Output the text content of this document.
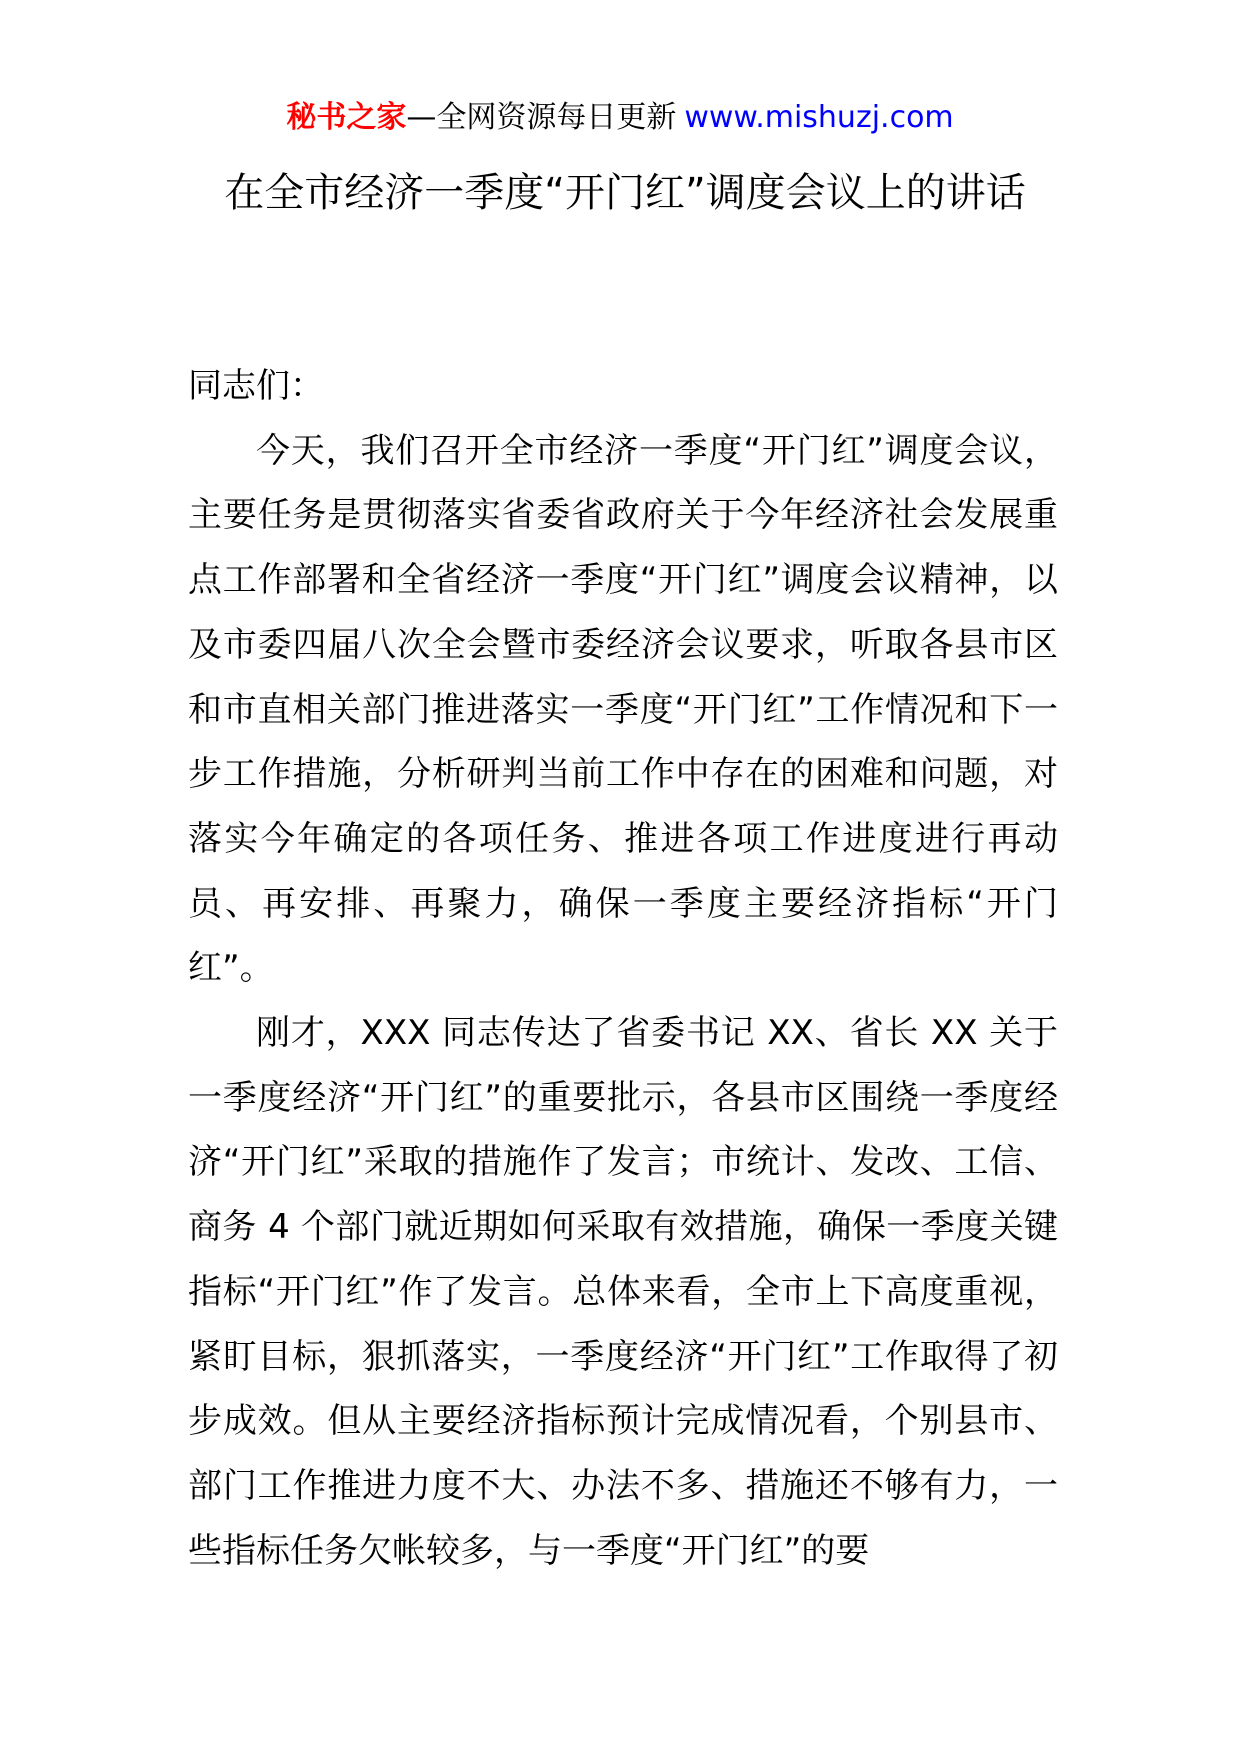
秘书之家—全网资源每日更新 www.mishuzj.com
在全市经济一季度“开门红”调度会议上的讲话

同志们：

今天，我们召开全市经济一季度“开门红”调度会议，主要任务是贯彻落实省委省政府关于今年经济社会发展重点工作部署和全省经济一季度“开门红”调度会议精神，以及市委四届八次全会暨市委经济会议要求，听取各县市区和市直相关部门推进落实一季度“开门红”工作情况和下一步工作措施，分析研判当前工作中存在的困难和问题，对落实今年确定的各项任务、推进各项工作进度进行再动员、再安排、再聚力，确保一季度主要经济指标“开门红”。

刚才，XXX 同志传达了省委书记 XX、省长 XX 关于一季度经济“开门红”的重要批示，各县市区围绕一季度经济“开门红”采取的措施作了发言；市统计、发改、工信、商务 4 个部门就近期如何采取有效措施，确保一季度关键指标“开门红”作了发言。总体来看，全市上下高度重视，紧盯目标，狠抓落实，一季度经济“开门红”工作取得了初步成效。但从主要经济指标预计完成情况看，个别县市、部门工作推进力度不大、办法不多、措施还不够有力，一些指标任务欠帐较多，与一季度“开门红”的要
